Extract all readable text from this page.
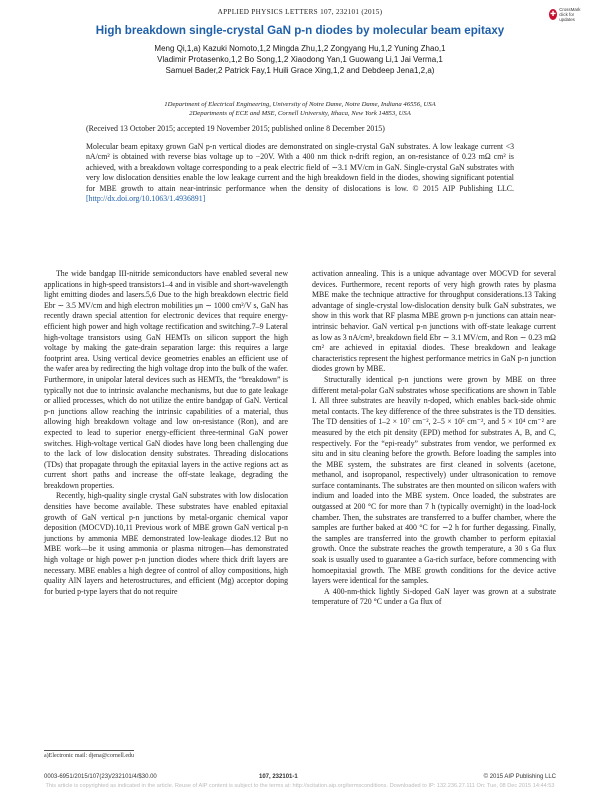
APPLIED PHYSICS LETTERS 107, 232101 (2015)	✚
CrossMark
click for updates
High breakdown single-crystal GaN p-n diodes by molecular beam epitaxy
Meng Qi,1,a) Kazuki Nomoto,1,2 Mingda Zhu,1,2 Zongyang Hu,1,2 Yuning Zhao,1
Vladimir Protasenko,1,2 Bo Song,1,2 Xiaodong Yan,1 Guowang Li,1 Jai Verma,1
Samuel Bader,2 Patrick Fay,1 Huili Grace Xing,1,2 and Debdeep Jena1,2,a)
1Department of Electrical Engineering, University of Notre Dame, Notre Dame, Indiana 46556, USA
2Departments of ECE and MSE, Cornell University, Ithaca, New York 14853, USA
(Received 13 October 2015; accepted 19 November 2015; published online 8 December 2015)
Molecular beam epitaxy grown GaN p-n vertical diodes are demonstrated on single-crystal GaN substrates. A low leakage current <3 nA/cm² is obtained with reverse bias voltage up to −20V. With a 400 nm thick n-drift region, an on-resistance of 0.23 mΩ cm² is achieved, with a breakdown voltage corresponding to a peak electric field of ∼3.1 MV/cm in GaN. Single-crystal GaN substrates with very low dislocation densities enable the low leakage current and the high breakdown field in the diodes, showing significant potential for MBE growth to attain near-intrinsic performance when the density of dislocations is low. © 2015 AIP Publishing LLC. [http://dx.doi.org/10.1063/1.4936891]

The wide bandgap III-nitride semiconductors have enabled several new applications in high-speed transistors1–4 and in visible and short-wavelength light emitting diodes and lasers.5,6 Due to the high breakdown electric field Ebr ∼ 3.5 MV/cm and high electron mobilities μn ∼ 1000 cm²/V s, GaN has recently drawn special attention for electronic devices that require energy-efficient high power and high voltage rectification and switching.7–9 Lateral high-voltage transistors using GaN HEMTs on silicon support the high voltage by making the gate-drain separation large: this requires a large footprint area. Using vertical device geometries enables an efficient use of the wafer area by redirecting the high voltage drop into the bulk of the wafer. Furthermore, in unipolar lateral devices such as HEMTs, the “breakdown” is typically not due to intrinsic avalanche mechanisms, but due to gate leakage or allied processes, which do not utilize the entire bandgap of GaN. Vertical p-n junctions allow reaching the intrinsic capabilities of a material, thus allowing high breakdown voltage and low on-resistance (Ron), and are expected to lead to superior energy-efficient three-terminal GaN power switches. High-voltage vertical GaN diodes have long been challenging due to the lack of low dislocation density substrates. Threading dislocations (TDs) that propagate through the epitaxial layers in the active regions act as current short paths and increase the off-state leakage, degrading the breakdown properties.

Recently, high-quality single crystal GaN substrates with low dislocation densities have become available. These substrates have enabled epitaxial growth of GaN vertical p-n junctions by metal-organic chemical vapor deposition (MOCVD).10,11 Previous work of MBE grown GaN vertical p-n junctions by ammonia MBE demonstrated low-leakage diodes.12 But no MBE work—be it using ammonia or plasma nitrogen—has demonstrated high voltage or high power p-n junction diodes where thick drift layers are necessary. MBE enables a high degree of control of alloy compositions, high quality AlN layers and heterostructures, and efficient (Mg) acceptor doping for buried p-type layers that do not require

activation annealing. This is a unique advantage over MOCVD for several devices. Furthermore, recent reports of very high growth rates by plasma MBE make the technique attractive for throughput considerations.13 Taking advantage of single-crystal low-dislocation density bulk GaN substrates, we show in this work that RF plasma MBE grown p-n junctions can attain near-intrinsic behavior. GaN vertical p-n junctions with off-state leakage current as low as 3 nA/cm², breakdown field Ebr ∼ 3.1 MV/cm, and Ron ∼ 0.23 mΩ cm² are achieved in epitaxial diodes. These breakdown and leakage characteristics represent the highest performance metrics in GaN p-n junction diodes grown by MBE.

Structurally identical p-n junctions were grown by MBE on three different metal-polar GaN substrates whose specifications are shown in Table I. All three substrates are heavily n-doped, which enables back-side ohmic metal contacts. The key difference of the three substrates is the TD densities. The TD densities of 1–2 × 10⁷ cm⁻², 2–5 × 10⁵ cm⁻², and 5 × 10⁴ cm⁻² are measured by the etch pit density (EPD) method for substrates A, B, and C, respectively. For the “epi-ready” substrates from vendor, we performed ex situ and in situ cleaning before the growth. Before loading the samples into the MBE system, the substrates are first cleaned in solvents (acetone, methanol, and isopropanol, respectively) under ultrasonication to remove surface contaminants. The substrates are then mounted on silicon wafers with indium and loaded into the MBE system. Once loaded, the substrates are outgassed at 200 °C for more than 7 h (typically overnight) in the load-lock chamber. Then, the substrates are transferred to a buffer chamber, where the samples are further baked at 400 °C for ∼2 h for further degassing. Finally, the samples are transferred into the growth chamber to perform epitaxial growth. Once the substrate reaches the growth temperature, a 30 s Ga flux soak is usually used to guarantee a Ga-rich surface, before commencing with homoepitaxial growth. The MBE growth conditions for the device active layers were identical for the samples.

A 400-nm-thick lightly Si-doped GaN layer was grown at a substrate temperature of 720 °C under a Ga flux of

a)Electronic mail: djena@cornell.edu
0003-6951/2015/107(23)/232101/4/$30.00	107, 232101-1	© 2015 AIP Publishing LLC
This article is copyrighted as indicated in the article. Reuse of AIP content is subject to the terms at: http://scitation.aip.org/termsconditions. Downloaded to IP: 132.236.27.111 On: Tue, 08 Dec 2015 14:44:53
